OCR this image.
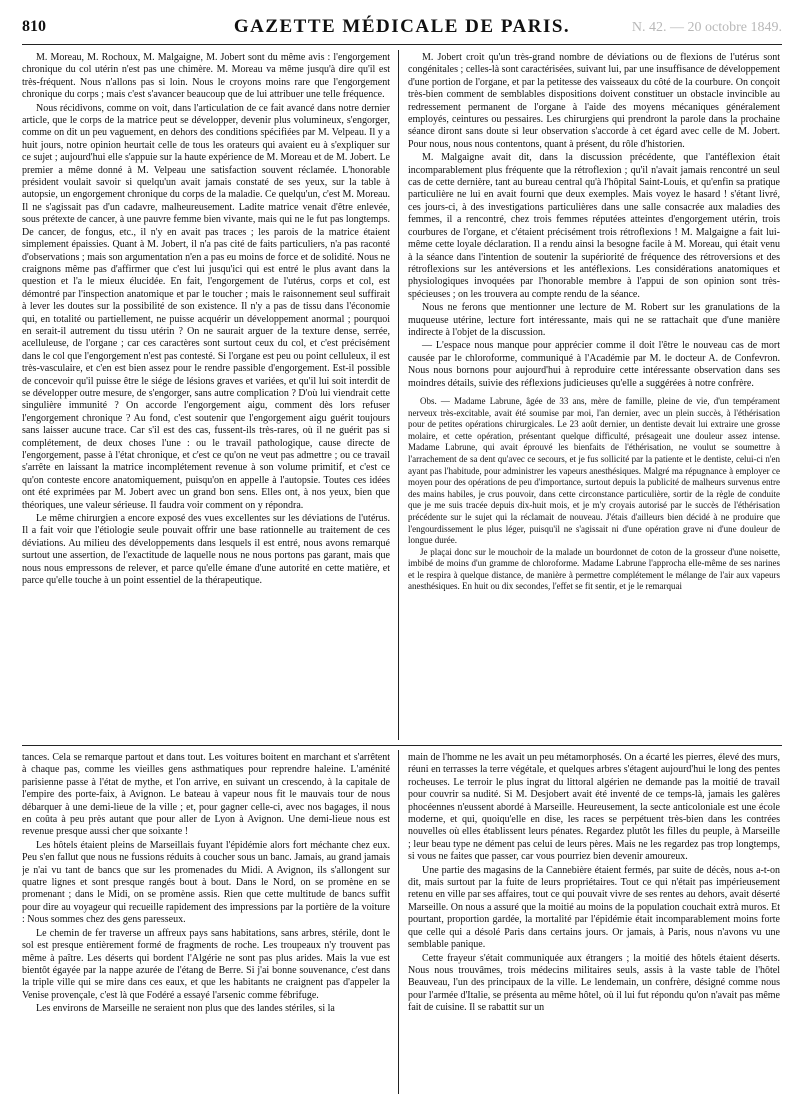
810	GAZETTE MÉDICALE DE PARIS.	N. 42. — 20 octobre 1849.

M. Moreau, M. Rochoux, M. Malgaigne, M. Jobert sont du même avis : l'engorgement chronique du col utérin n'est pas une chimère. M. Moreau va même jusqu'à dire qu'il est très-fréquent. Nous n'allons pas si loin. Nous le croyons moins rare que l'engorgement chronique du corps ; mais c'est s'avancer beaucoup que de lui attribuer une telle fréquence.

Nous récidivons, comme on voit, dans l'articulation de ce fait avancé dans notre dernier article, que le corps de la matrice peut se développer, devenir plus volumineux, s'engorger, comme on dit un peu vaguement, en dehors des conditions spécifiées par M. Velpeau. Il y a huit jours, notre opinion heurtait celle de tous les orateurs qui avaient eu à s'expliquer sur ce sujet ; aujourd'hui elle s'appuie sur la haute expérience de M. Moreau et de M. Jobert. Le premier a même donné à M. Velpeau une satisfaction souvent réclamée. L'honorable président voulait savoir si quelqu'un avait jamais constaté de ses yeux, sur la table à autopsie, un engorgement chronique du corps de la maladie. Ce quelqu'un, c'est M. Moreau. Il ne s'agissait pas d'un cadavre, malheureusement. Ladite matrice venait d'être enlevée, sous prétexte de cancer, à une pauvre femme bien vivante, mais qui ne le fut pas longtemps. De cancer, de fongus, etc., il n'y en avait pas traces ; les parois de la matrice étaient simplement épaissies. Quant à M. Jobert, il n'a pas cité de faits particuliers, n'a pas raconté d'observations ; mais son argumentation n'en a pas eu moins de force et de solidité. Nous ne craignons même pas d'affirmer que c'est lui jusqu'ici qui est entré le plus avant dans la question et l'a le mieux élucidée. En fait, l'engorgement de l'utérus, corps et col, est démontré par l'inspection anatomique et par le toucher ; mais le raisonnement seul suffirait à lever les doutes sur la possibilité de son existence. Il n'y a pas de tissu dans l'économie qui, en totalité ou partiellement, ne puisse acquérir un développement anormal ; pourquoi en serait-il autrement du tissu utérin ? On ne saurait arguer de la texture dense, serrée, acelluleuse, de l'organe ; car ces caractères sont surtout ceux du col, et c'est précisément dans le col que l'engorgement n'est pas contesté. Si l'organe est peu ou point celluleux, il est très-vasculaire, et c'en est bien assez pour le rendre passible d'engorgement. Est-il possible de concevoir qu'il puisse être le siége de lésions graves et variées, et qu'il lui soit interdit de se développer outre mesure, de s'engorger, sans autre complication ? D'où lui viendrait cette singulière immunité ? On accorde l'engorgement aigu, comment dès lors refuser l'engorgement chronique ? Au fond, c'est soutenir que l'engorgement aigu guérit toujours sans laisser aucune trace. Car s'il est des cas, fussent-ils très-rares, où il ne guérit pas si complétement, de deux choses l'une : ou le travail pathologique, cause directe de l'engorgement, passe à l'état chronique, et c'est ce qu'on ne veut pas admettre ; ou ce travail s'arrête en laissant la matrice incomplétement revenue à son volume primitif, et c'est ce qu'on conteste encore anatomiquement, puisqu'on en appelle à l'autopsie. Toutes ces idées ont été exprimées par M. Jobert avec un grand bon sens. Elles ont, à nos yeux, bien que théoriques, une valeur sérieuse. Il faudra voir comment on y répondra.

Le même chirurgien a encore exposé des vues excellentes sur les déviations de l'utérus. Il a fait voir que l'étiologie seule pouvait offrir une base rationnelle au traitement de ces déviations. Au milieu des développements dans lesquels il est entré, nous avons remarqué surtout une assertion, de l'exactitude de laquelle nous ne nous portons pas garant, mais que nous nous empressons de relever, et parce qu'elle émane d'une autorité en cette matière, et parce qu'elle touche à un point essentiel de la thérapeutique.

M. Jobert croit qu'un très-grand nombre de déviations ou de flexions de l'utérus sont congénitales ; celles-là sont caractérisées, suivant lui, par une insuffisance de développement d'une portion de l'organe, et par la petitesse des vaisseaux du côté de la courbure. On conçoit très-bien comment de semblables dispositions doivent constituer un obstacle invincible au redressement permanent de l'organe à l'aide des moyens mécaniques généralement employés, ceintures ou pessaires. Les chirurgiens qui prendront la parole dans la prochaine séance diront sans doute si leur observation s'accorde à cet égard avec celle de M. Jobert. Pour nous, nous nous contentons, quant à présent, du rôle d'historien.

M. Malgaigne avait dit, dans la discussion précédente, que l'antéflexion était incomparablement plus fréquente que la rétroflexion ; qu'il n'avait jamais rencontré un seul cas de cette dernière, tant au bureau central qu'à l'hôpital Saint-Louis, et qu'enfin sa pratique particulière ne lui en avait fourni que deux exemples. Mais voyez le hasard ! s'étant livré, ces jours-ci, à des investigations particulières dans une salle consacrée aux maladies des femmes, il a rencontré, chez trois femmes réputées atteintes d'engorgement utérin, trois courbures de l'organe, et c'étaient précisément trois rétroflexions ! M. Malgaigne a fait lui-même cette loyale déclaration. Il a rendu ainsi la besogne facile à M. Moreau, qui était venu à la séance dans l'intention de soutenir la supériorité de fréquence des rétroversions et des rétroflexions sur les antéversions et les antéflexions. Les considérations anatomiques et physiologiques invoquées par l'honorable membre à l'appui de son opinion sont très-spécieuses ; on les trouvera au compte rendu de la séance.

Nous ne ferons que mentionner une lecture de M. Robert sur les granulations de la muqueuse utérine, lecture fort intéressante, mais qui ne se rattachait que d'une manière indirecte à l'objet de la discussion.

— L'espace nous manque pour apprécier comme il doit l'être le nouveau cas de mort causée par le chloroforme, communiqué à l'Académie par M. le docteur A. de Confevron. Nous nous bornons pour aujourd'hui à reproduire cette intéressante observation dans ses moindres détails, suivie des réflexions judicieuses qu'elle a suggérées à notre confrère.

Obs. — Madame Labrune, âgée de 33 ans, mère de famille, pleine de vie, d'un tempérament nerveux très-excitable, avait été soumise par moi, l'an dernier, avec un plein succès, à l'éthérisation pour de petites opérations chirurgicales. Le 23 août dernier, un dentiste devait lui extraire une grosse molaire, et cette opération, présentant quelque difficulté, présageait une douleur assez intense. Madame Labrune, qui avait éprouvé les bienfaits de l'éthérisation, ne voulut se soumettre à l'arrachement de sa dent qu'avec ce secours, et je fus sollicité par la patiente et le dentiste, celui-ci n'en ayant pas l'habitude, pour administrer les vapeurs anesthésiques. Malgré ma répugnance à employer ce moyen pour des opérations de peu d'importance, surtout depuis la publicité de malheurs survenus entre des mains habiles, je crus pouvoir, dans cette circonstance particulière, sortir de la règle de conduite que je me suis tracée depuis dix-huit mois, et je m'y croyais autorisé par le succès de l'éthérisation précédente sur le sujet qui la réclamait de nouveau. J'étais d'ailleurs bien décidé à ne produire que l'engourdissement le plus léger, puisqu'il ne s'agissait ni d'une opération grave ni d'une douleur de longue durée.

Je plaçai donc sur le mouchoir de la malade un bourdonnet de coton de la grosseur d'une noisette, imbibé de moins d'un gramme de chloroforme. Madame Labrune l'approcha elle-même de ses narines et le respira à quelque distance, de manière à permettre complétement le mélange de l'air aux vapeurs anesthésiques. En huit ou dix secondes, l'effet se fit sentir, et je le remarquai

tances. Cela se remarque partout et dans tout. Les voitures boitent en marchant et s'arrêtent à chaque pas, comme les vieilles gens asthmatiques pour reprendre haleine. L'aménité parisienne passe à l'état de mythe, et l'on arrive, en suivant un crescendo, à la capitale de l'empire des porte-faix, à Avignon. Le bateau à vapeur nous fit le mauvais tour de nous débarquer à une demi-lieue de la ville ; et, pour gagner celle-ci, avec nos bagages, il nous en coûta à peu près autant que pour aller de Lyon à Avignon. Une demi-lieue nous est revenue presque aussi cher que soixante !

Les hôtels étaient pleins de Marseillais fuyant l'épidémie alors fort méchante chez eux. Peu s'en fallut que nous ne fussions réduits à coucher sous un banc. Jamais, au grand jamais je n'ai vu tant de bancs que sur les promenades du Midi. A Avignon, ils s'allongent sur quatre lignes et sont presque rangés bout à bout. Dans le Nord, on se promène en se promenant ; dans le Midi, on se promène assis. Rien que cette multitude de bancs suffit pour dire au voyageur qui recueille rapidement des impressions par la portière de la voiture : Nous sommes chez des gens paresseux.

Le chemin de fer traverse un affreux pays sans habitations, sans arbres, stérile, dont le sol est presque entièrement formé de fragments de roche. Les troupeaux n'y trouvent pas même à paître. Les déserts qui bordent l'Algérie ne sont pas plus arides. Mais la vue est bientôt égayée par la nappe azurée de l'étang de Berre. Si j'ai bonne souvenance, c'est dans la triple ville qui se mire dans ces eaux, et que les habitants ne craignent pas d'appeler la Venise provençale, c'est là que Fodéré a essayé l'arsenic comme fébrifuge.

Les environs de Marseille ne seraient non plus que des landes stériles, si la

main de l'homme ne les avait un peu métamorphosés. On a écarté les pierres, élevé des murs, réuni en terrasses la terre végétale, et quelques arbres s'étagent aujourd'hui le long des pentes rocheuses. Le terroir le plus ingrat du littoral algérien ne demande pas la moitié de travail pour couvrir sa nudité. Si M. Desjobert avait été inventé de ce temps-là, jamais les galères phocéennes n'eussent abordé à Marseille. Heureusement, la secte anticoloniale est une école moderne, et qui, quoiqu'elle en dise, les races se perpétuent très-bien dans les contrées nouvelles où elles établissent leurs pénates. Regardez plutôt les filles du peuple, à Marseille ; leur beau type ne dément pas celui de leurs pères. Mais ne les regardez pas trop longtemps, si vous ne faites que passer, car vous pourriez bien devenir amoureux.

Une partie des magasins de la Cannebière étaient fermés, par suite de décès, nous a-t-on dit, mais surtout par la fuite de leurs propriétaires. Tout ce qui n'était pas impérieusement retenu en ville par ses affaires, tout ce qui pouvait vivre de ses rentes au dehors, avait déserté Marseille. On nous a assuré que la moitié au moins de la population couchait extrà muros. Et pourtant, proportion gardée, la mortalité par l'épidémie était incomparablement moins forte que celle qui a désolé Paris dans certains jours. Or jamais, à Paris, nous n'avons vu une semblable panique.

Cette frayeur s'était communiquée aux étrangers ; la moitié des hôtels étaient déserts. Nous nous trouvâmes, trois médecins militaires seuls, assis à la vaste table de l'hôtel Beauveau, l'un des principaux de la ville. Le lendemain, un confrère, désigné comme nous pour l'armée d'Italie, se présenta au même hôtel, où il lui fut répondu qu'on n'avait pas même fait de cuisine. Il se rabattit sur un
